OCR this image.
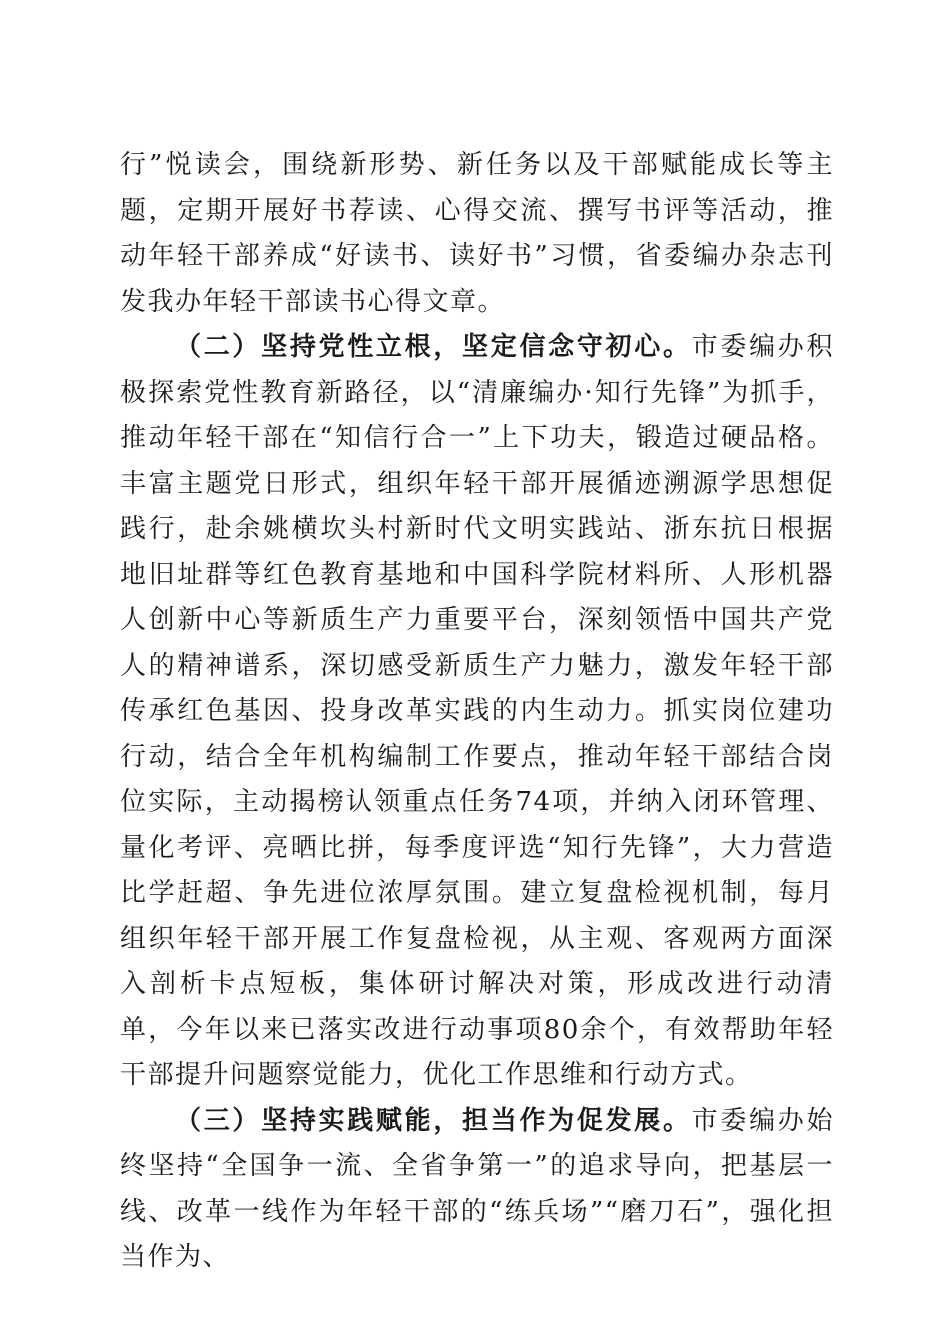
行”悦读会，围绕新形势、新任务以及干部赋能成长等主题，定期开展好书荐读、心得交流、撰写书评等活动，推动年轻干部养成“好读书、读好书”习惯，省委编办杂志刊发我办年轻干部读书心得文章。

（二）坚持党性立根，坚定信念守初心。市委编办积极探索党性教育新路径，以“清廉编办·知行先锋”为抓手，推动年轻干部在“知信行合一”上下功夫，锻造过硬品格。丰富主题党日形式，组织年轻干部开展循迹溯源学思想促践行，赴余姚横坎头村新时代文明实践站、浙东抗日根据地旧址群等红色教育基地和中国科学院材料所、人形机器人创新中心等新质生产力重要平台，深刻领悟中国共产党人的精神谱系，深切感受新质生产力魅力，激发年轻干部传承红色基因、投身改革实践的内生动力。抓实岗位建功行动，结合全年机构编制工作要点，推动年轻干部结合岗位实际，主动揭榜认领重点任务74项，并纳入闭环管理、量化考评、亮晒比拼，每季度评选“知行先锋”，大力营造比学赶超、争先进位浓厚氛围。建立复盘检视机制，每月组织年轻干部开展工作复盘检视，从主观、客观两方面深入剖析卡点短板，集体研讨解决对策，形成改进行动清单，今年以来已落实改进行动事项80余个，有效帮助年轻干部提升问题察觉能力，优化工作思维和行动方式。

（三）坚持实践赋能，担当作为促发展。市委编办始终坚持“全国争一流、全省争第一”的追求导向，把基层一线、改革一线作为年轻干部的“练兵场”“磨刀石”，强化担当作为、
